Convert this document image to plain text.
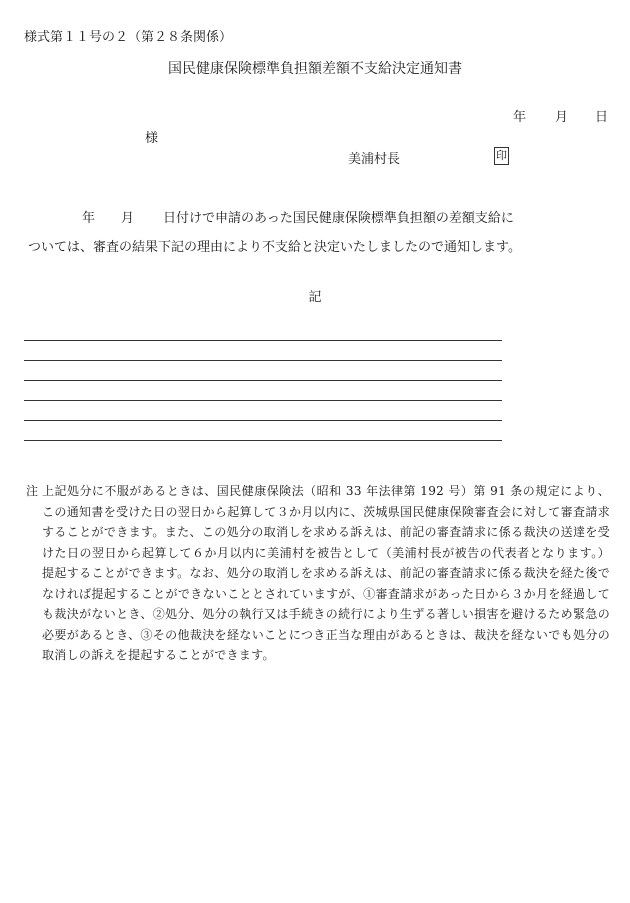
様式第１１号の２（第２８条関係）
国民健康保険標準負担額差額不支給決定通知書
年 月 日
様
美浦村長	印
年 月 日付けで申請のあった国民健康保険標準負担額の差額支給に
ついては、審査の結果下記の理由により不支給と決定いたしましたので通知します。
記
注 上記処分に不服があるときは、国民健康保険法（昭和 33 年法律第 192 号）第 91 条の規定により、この通知書を受けた日の翌日から起算して３か月以内に、茨城県国民健康保険審査会に対して審査請求することができます。また、この処分の取消しを求める訴えは、前記の審査請求に係る裁決の送達を受けた日の翌日から起算して６か月以内に美浦村を被告として（美浦村長が被告の代表者となります。）提起することができます。なお、処分の取消しを求める訴えは、前記の審査請求に係る裁決を経た後でなければ提起することができないこととされていますが、①審査請求があった日から３か月を経過しても裁決がないとき、②処分、処分の執行又は手続きの続行により生ずる著しい損害を避けるため緊急の必要があるとき、③その他裁決を経ないことにつき正当な理由があるときは、裁決を経ないでも処分の取消しの訴えを提起することができます。
